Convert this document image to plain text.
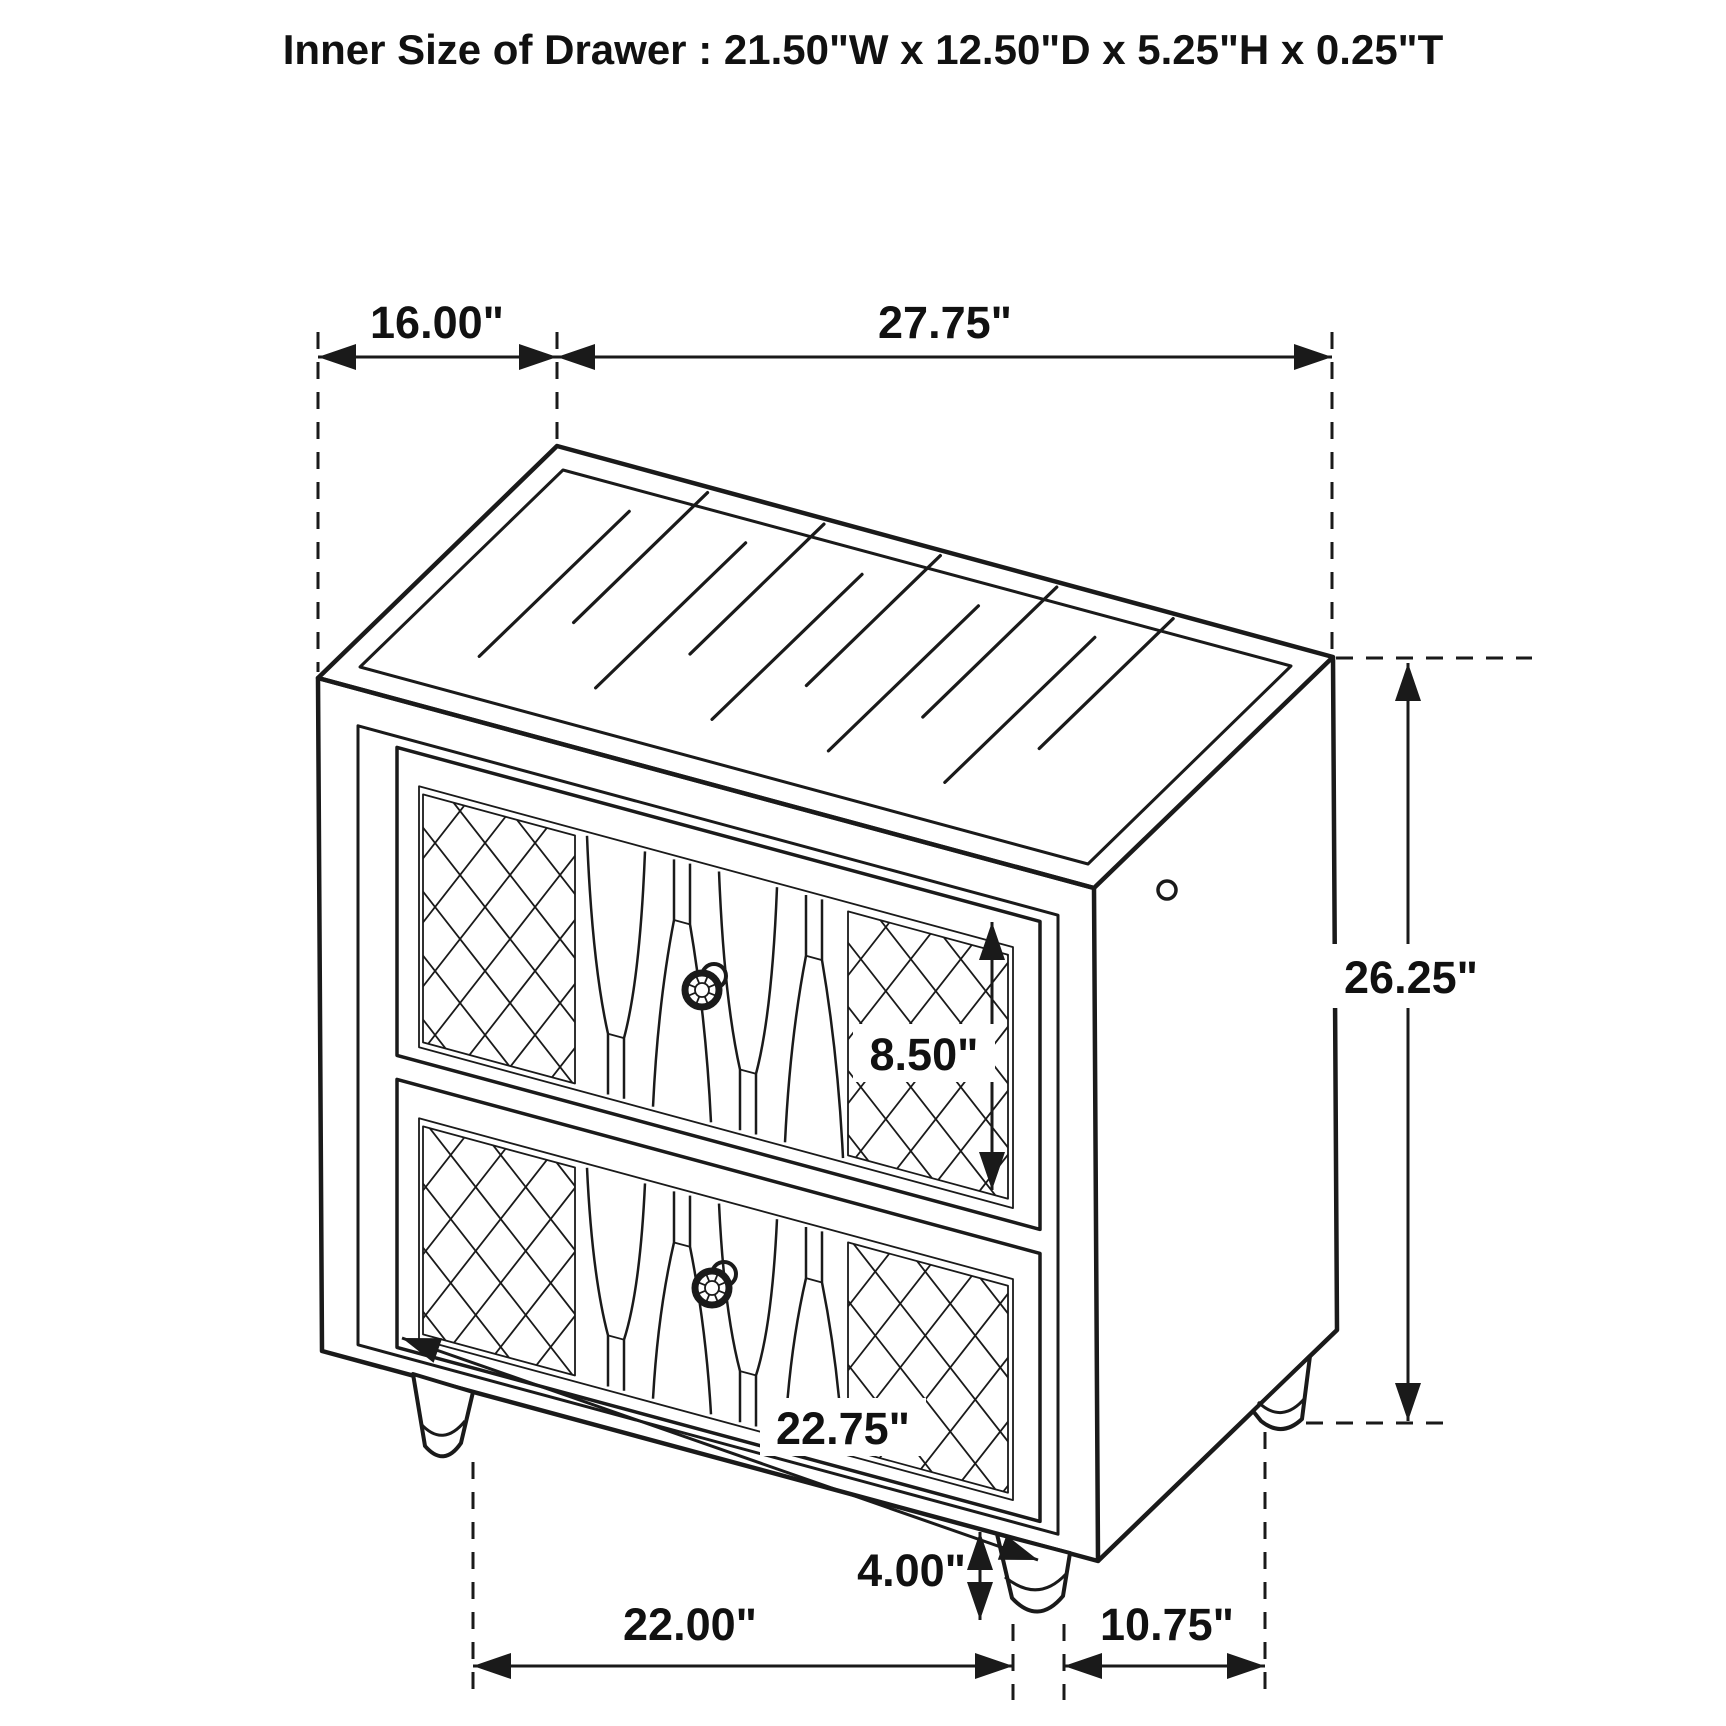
Inner Size of Drawer : 21.50"W x 12.50"D x 5.25"H x 0.25"T
16.00"	27.75"
26.25"
8.50"
22.75"
4.00"
22.00"	10.75"
